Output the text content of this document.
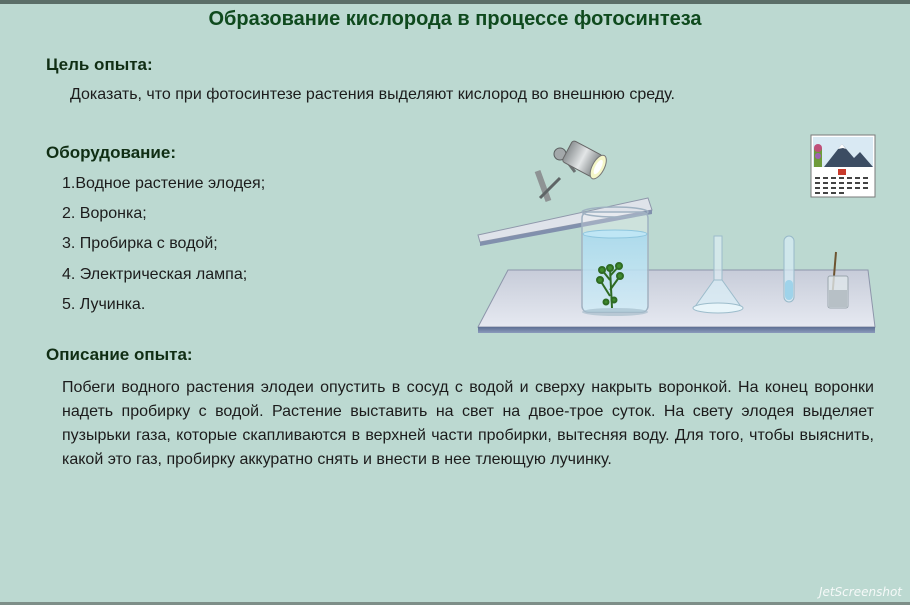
Образование кислорода в процессе фотосинтеза
Цель опыта:
Доказать, что при фотосинтезе растения выделяют кислород во внешнюю среду.
Оборудование:
1.Водное растение элодея;
2. Воронка;
3. Пробирка с водой;
4. Электрическая лампа;
5. Лучинка.
Описание опыта:
Побеги водного растения элодеи опустить в сосуд с водой и сверху накрыть воронкой. На конец воронки надеть пробирку с водой. Растение выставить на свет на двое-трое суток. На свету элодея выделяет пузырьки газа, которые скапливаются в верхней части пробирки, вытесняя воду. Для того, чтобы выяснить, какой это газ, пробирку аккуратно снять и внести в нее тлеющую лучинку.
JetScreenshot
